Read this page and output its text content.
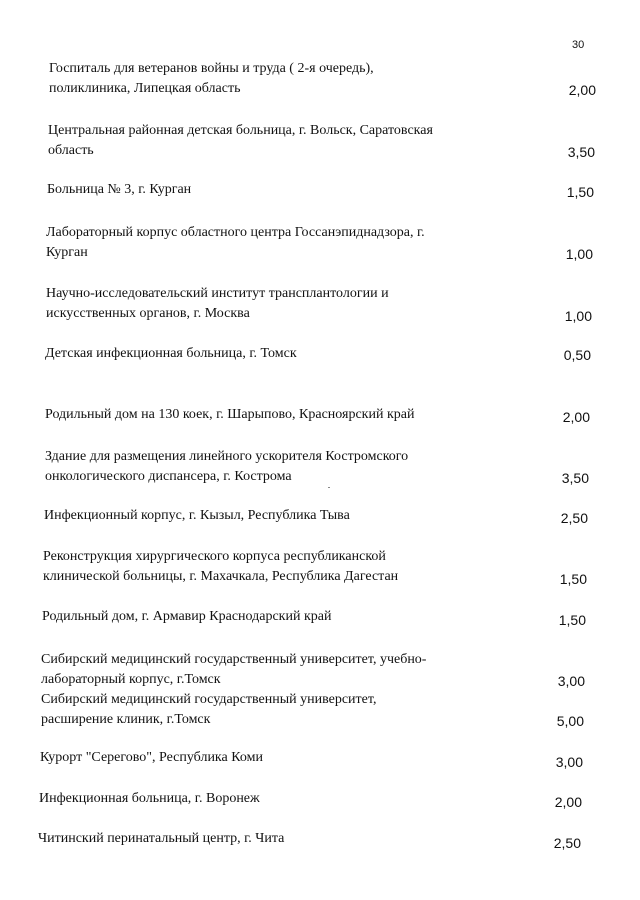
30
Госпиталь для ветеранов войны и труда ( 2-я очередь),
поликлиника, Липецкая область	2,00
Центральная районная детская больница, г. Вольск, Саратовская
область	3,50
Больница № 3, г. Курган	1,50
Лабораторный корпус областного центра Госсанэпиднадзора, г.
Курган	1,00
Научно-исследовательский институт трансплантологии и
искусственных органов, г. Москва	1,00
Детская инфекционная больница, г. Томск	0,50
Родильный дом на 130 коек, г. Шарыпово, Красноярский край	2,00
Здание для размещения линейного ускорителя Костромского
онкологического диспансера, г. Кострома	3,50
Инфекционный корпус, г. Кызыл, Республика Тыва	2,50
Реконструкция хирургического корпуса республиканской
клинической больницы, г. Махачкала, Республика Дагестан	1,50
Родильный дом, г. Армавир Краснодарский край	1,50
Сибирский медицинский государственный университет, учебно-
лабораторный корпус, г.Томск	3,00
Сибирский медицинский государственный университет,
расширение клиник, г.Томск	5,00
Курорт "Серегово", Республика Коми	3,00
Инфекционная больница, г. Воронеж	2,00
Читинский перинатальный центр, г. Чита	2,50
